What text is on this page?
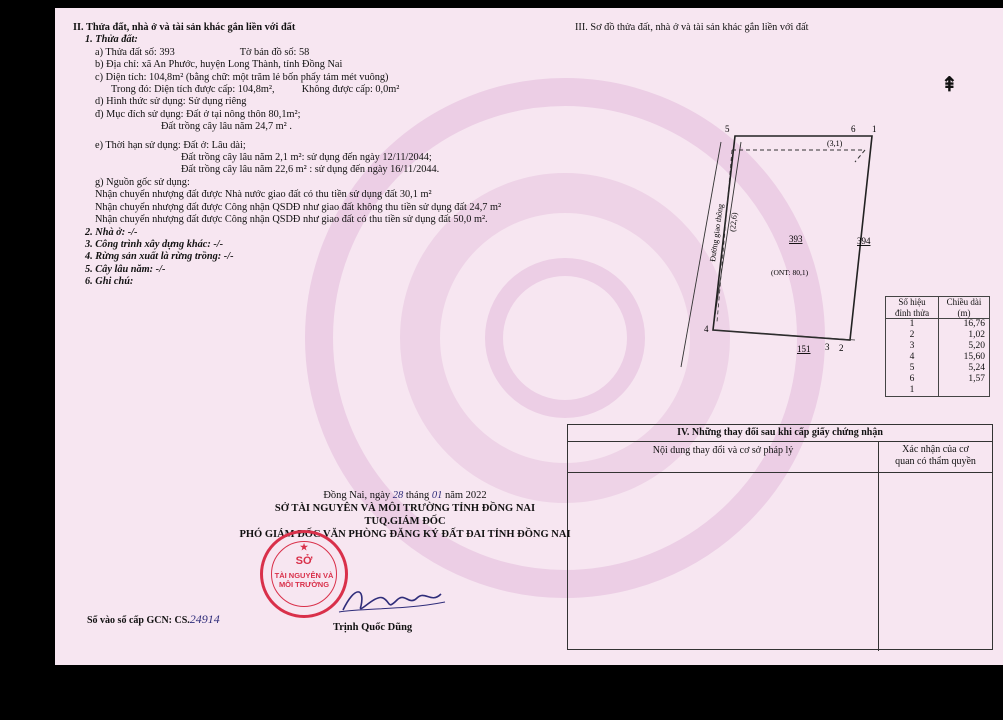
II. Thửa đất, nhà ở và tài sản khác gắn liền với đất

1. Thửa đất:

a) Thửa đất số: 393	Tờ bản đồ số: 58

b) Địa chỉ: xã An Phước, huyện Long Thành, tỉnh Đồng Nai

c) Diện tích: 104,8m² (bằng chữ: một trăm lẻ bốn phẩy tám mét vuông)

Trong đó: Diện tích được cấp: 104,8m²,	Không được cấp: 0,0m²

d) Hình thức sử dụng: Sử dụng riêng

đ) Mục đích sử dụng: Đất ở tại nông thôn 80,1m²;

Đất trồng cây lâu năm 24,7 m² .

e) Thời hạn sử dụng: Đất ở: Lâu dài;

Đất trồng cây lâu năm 2,1 m²: sử dụng đến ngày 12/11/2044;

Đất trồng cây lâu năm 22,6 m² : sử dụng đến ngày 16/11/2044.

g) Nguồn gốc sử dụng:

Nhận chuyển nhượng đất được Nhà nước giao đất có thu tiền sử dụng đất 30,1 m²

Nhận chuyển nhượng đất được Công nhận QSDĐ như giao đất không thu tiền sử dụng đất 24,7 m²

Nhận chuyển nhượng đất được Công nhận QSDĐ như giao đất có thu tiền sử dụng đất 50,0 m².

2. Nhà ở: -/-

3. Công trình xây dựng khác: -/-

4. Rừng sản xuất là rừng trồng: -/-

5. Cây lâu năm: -/-

6. Ghi chú:

III. Sơ đồ thửa đất, nhà ở và tài sản khác gắn liền với đất
5	6 1
(3,1)
4
3 2
151
393	394
(ONT: 80,1)
(22,6)
Đường giao thông
⇞
Số hiệu
đỉnh thửa	Chiều dài
(m)
1	16,76
2	1,02
3	5,20
4	15,60
5	5,24
6	1,57
1	
IV. Những thay đổi sau khi cấp giấy chứng nhận
Nội dung thay đổi và cơ sở pháp lý	Xác nhận của cơ
quan có thẩm quyền

Đồng Nai, ngày 28 tháng 01 năm 2022

SỞ TÀI NGUYÊN VÀ MÔI TRƯỜNG TỈNH ĐỒNG NAI

TUQ.GIÁM ĐỐC

PHÓ GIÁM ĐỐC VĂN PHÒNG ĐĂNG KÝ ĐẤT ĐAI TỈNH ĐỒNG NAI

★
SỞ
TÀI NGUYÊN VÀ
MÔI TRƯỜNG
Trịnh Quốc Dũng
Số vào sổ cấp GCN: CS.24914
